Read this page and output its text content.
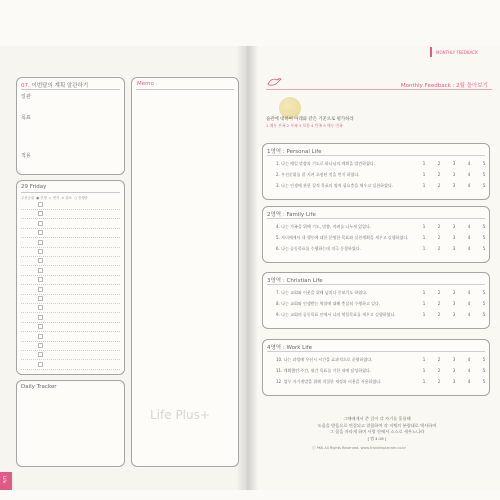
07. 이번달의 계획 알관하기
일관
목표
적용
29 Friday
우선순위 ● 진행 ▷ 연기 × 취소 ○ 진행중
Daily Tracker
Memo
Life Plus+
Life
MONTHLY FEEDBACK
Monthly Feedback : 2월 돌아보기
습관에 대하여 아래와 같은 기준으로 평가하라
1 매우 부족 2 부족 3 보통 4 만족 5 매우 만족
1영역 : Personal Life
1. 나는 매일 말씀과 기도로 하나님의 계획을 발견하였다.	1	2	3	4	5
2. 우선순위를 잘 지켜 초점된 것을 먼저 하였다.	1	2	3	4	5
3. 나는 인생에 관한 질적 목표의 영적 필요충을 채우고 실천하였다.	1	2	3	4	5
2영역 : Family Life
4. 나는 가족을 위해 기도, 말씀, 격려를 나누게 있었다.	1	2	3	4	5
5. 자녀에게서 내 행동에 대한 분명한 목표와 실천계획을 세우고 실행하였다.	1	2	3	4	5
6. 나는 공동목표를 수행하는데 적극 동참하였다.	1	2	3	4	5
3영역 : Christian Life
7. 나는 교회와 이웃을 위해 넘치다 중보기도 하였다.	1	2	3	4	5
8. 나는 교회와 인생받는 역할에 대해 충실히 수행하고 있다.	1	2	3	4	5
9. 나는 교회의 공동목표 안에서 나의 역할목표를 세우고 실행하였다.	1	2	3	4	5
4영역 : Work Life
10. 나는 과업에 우선시 시간을 효과적으로 운영하였다.	1	2	3	4	5
11. 계획했던 주간, 월간 목표를 기한 내에 달성하였다.	1	2	3	4	5
12. 업무 자기계발을 위해 적절한 재정과 비용을 사용하였다.	1	2	3	4	5
그때에게서 준 길이 각 자기를 훌륭해
도움을 받음으로 연결되고 결합하여 각 지체의 분량대로 역사하여
그 몸을 자라게 하며 사랑 안에서 스스로 세우느니라
[ 엡 4:16 ]
ⓒ PKK All Rights Reserved. www.franklinplanner.co.kr
